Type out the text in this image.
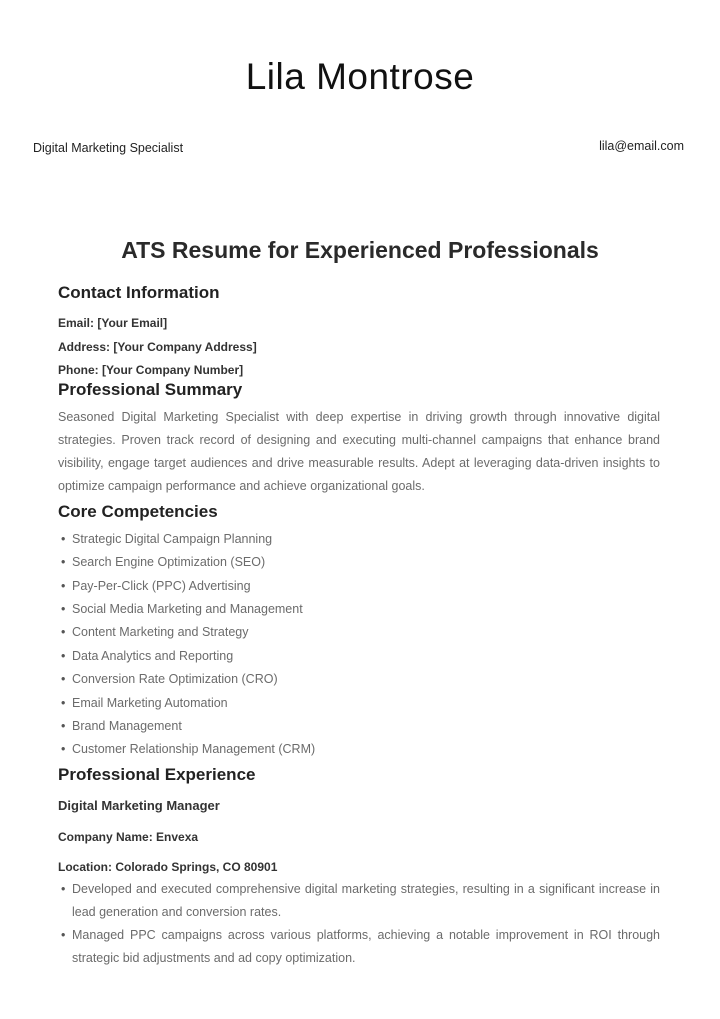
Lila Montrose
Digital Marketing Specialist	lila@email.com
ATS Resume for Experienced Professionals
Contact Information
Email: [Your Email]
Address: [Your Company Address]
Phone: [Your Company Number]
Professional Summary

Seasoned Digital Marketing Specialist with deep expertise in driving growth through innovative digital strategies. Proven track record of designing and executing multi-channel campaigns that enhance brand visibility, engage target audiences and drive measurable results. Adept at leveraging data-driven insights to optimize campaign performance and achieve organizational goals.

Core Competencies
• Strategic Digital Campaign Planning
• Search Engine Optimization (SEO)
• Pay-Per-Click (PPC) Advertising
• Social Media Marketing and Management
• Content Marketing and Strategy
• Data Analytics and Reporting
• Conversion Rate Optimization (CRO)
• Email Marketing Automation
• Brand Management
• Customer Relationship Management (CRM)
Professional Experience
Digital Marketing Manager
Company Name: Envexa
Location: Colorado Springs, CO 80901
• Developed and executed comprehensive digital marketing strategies, resulting in a significant increase in lead generation and conversion rates.
• Managed PPC campaigns across various platforms, achieving a notable improvement in ROI through strategic bid adjustments and ad copy optimization.
